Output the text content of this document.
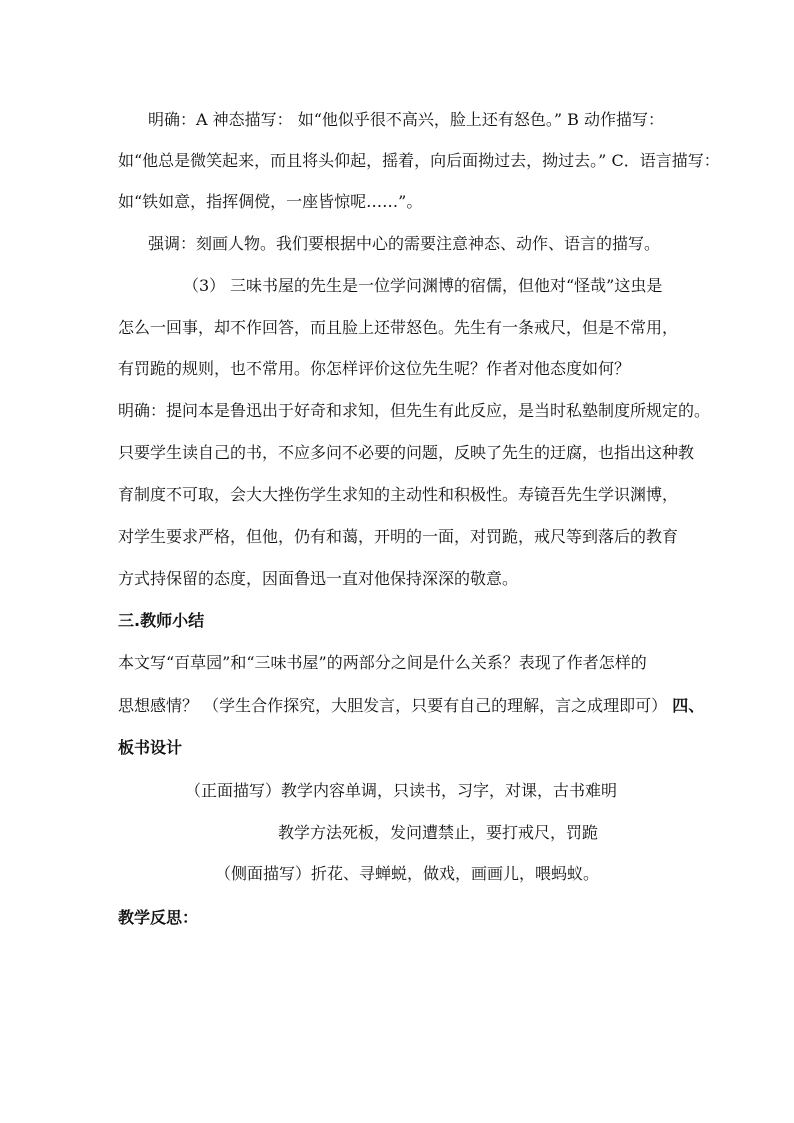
明确：A 神态描写： 如“他似乎很不高兴，脸上还有怒色。” B 动作描写：
如“他总是微笑起来，而且将头仰起，摇着，向后面拗过去，拗过去。” C．语言描写：
如“铁如意，指挥倜傥，一座皆惊呢……”。
强调：刻画人物。我们要根据中心的需要注意神态、动作、语言的描写。
（3） 三味书屋的先生是一位学问渊博的宿儒，但他对“怪哉”这虫是
怎么一回事，却不作回答，而且脸上还带怒色。先生有一条戒尺，但是不常用，
有罚跪的规则，也不常用。你怎样评价这位先生呢？作者对他态度如何？
明确：提问本是鲁迅出于好奇和求知，但先生有此反应，是当时私塾制度所规定的。
只要学生读自己的书，不应多问不必要的问题，反映了先生的迂腐，也指出这种教
育制度不可取，会大大挫伤学生求知的主动性和积极性。寿镜吾先生学识渊博，
对学生要求严格，但他，仍有和蔼，开明的一面，对罚跪，戒尺等到落后的教育
方式持保留的态度，因面鲁迅一直对他保持深深的敬意。
三.教师小结
本文写“百草园”和“三味书屋”的两部分之间是什么关系？表现了作者怎样的
思想感情？ （学生合作探究，大胆发言，只要有自己的理解，言之成理即可） 四、
板书设计
（正面描写）教学内容单调，只读书，习字，对课，古书难明
教学方法死板，发问遭禁止，要打戒尺，罚跪
（侧面描写）折花、寻蝉蜕，做戏，画画儿，喂蚂蚁。
教学反思：
